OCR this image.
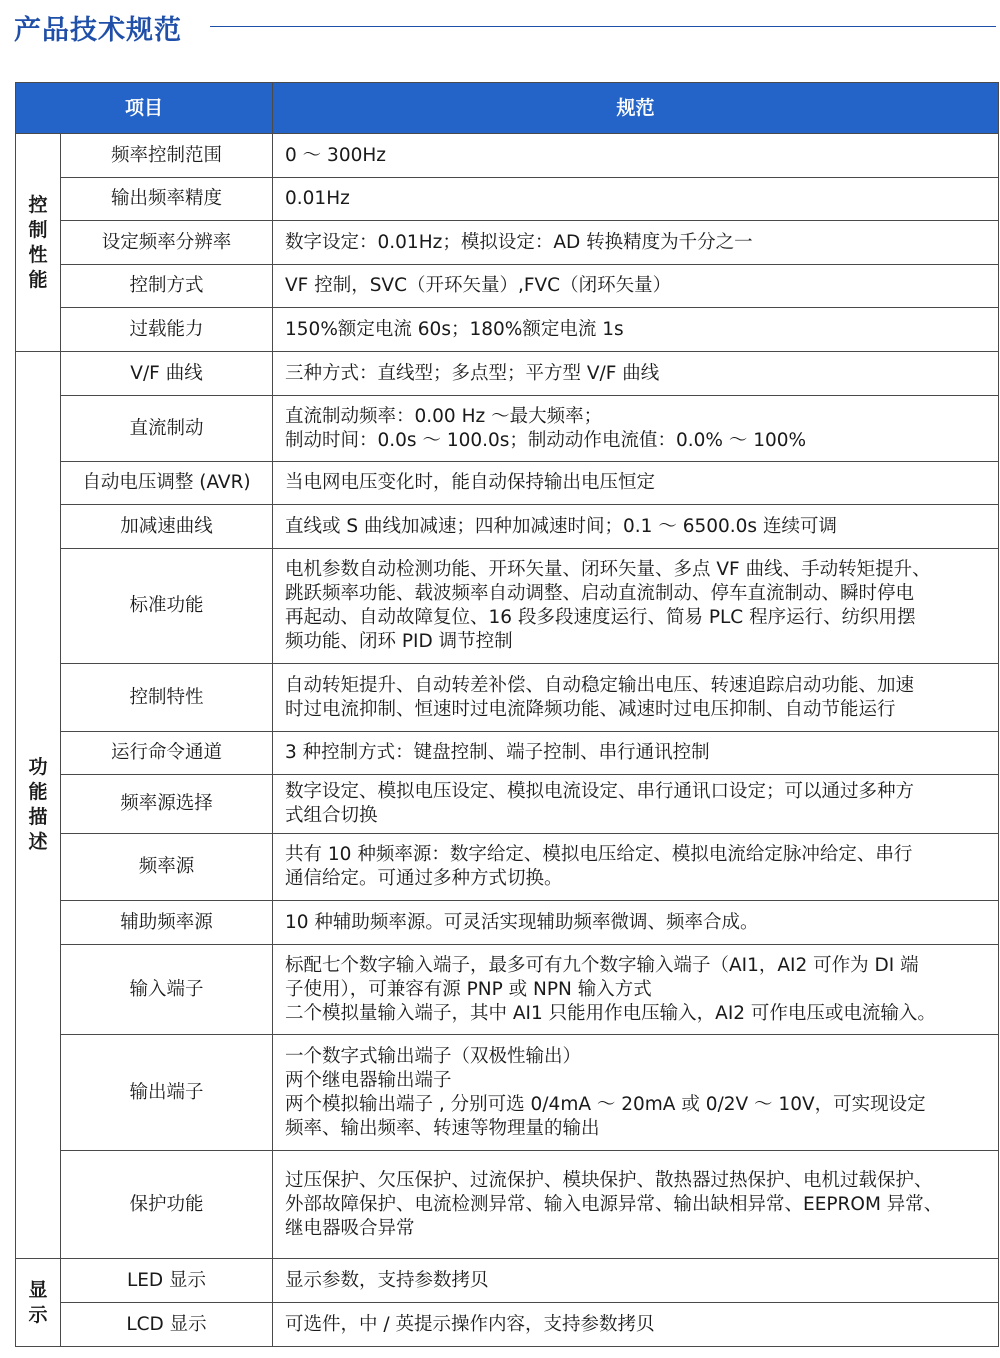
产品技术规范
项目		规范

控制性能	频率控制范围	0 ～ 300Hz
	输出频率精度	0.01Hz
	设定频率分辨率	数字设定：0.01Hz；模拟设定：AD 转换精度为千分之一
	控制方式	VF 控制，SVC（开环矢量）,FVC（闭环矢量）
	过载能力	150%额定电流 60s；180%额定电流 1s

功能描述	V/F 曲线	三种方式：直线型；多点型；平方型 V/F 曲线
	直流制动	直流制动频率：0.00 Hz ～最大频率；
制动时间：0.0s ～ 100.0s；制动动作电流值：0.0% ～ 100%
	自动电压调整 (AVR)	当电网电压变化时，能自动保持输出电压恒定
	加减速曲线	直线或 S 曲线加减速；四种加减速时间；0.1 ～ 6500.0s 连续可调
	标准功能	电机参数自动检测功能、开环矢量、闭环矢量、多点 VF 曲线、手动转矩提升、
跳跃频率功能、载波频率自动调整、启动直流制动、停车直流制动、瞬时停电
再起动、自动故障复位、16 段多段速度运行、简易 PLC 程序运行、纺织用摆
频功能、闭环 PID 调节控制
	控制特性	自动转矩提升、自动转差补偿、自动稳定输出电压、转速追踪启动功能、加速
时过电流抑制、恒速时过电流降频功能、减速时过电压抑制、自动节能运行
	运行命令通道	3 种控制方式：键盘控制、端子控制、串行通讯控制
	频率源选择	数字设定、模拟电压设定、模拟电流设定、串行通讯口设定；可以通过多种方
式组合切换
	频率源	共有 10 种频率源：数字给定、模拟电压给定、模拟电流给定脉冲给定、串行
通信给定。可通过多种方式切换。
	辅助频率源	10 种辅助频率源。可灵活实现辅助频率微调、频率合成。
	输入端子	标配七个数字输入端子，最多可有九个数字输入端子（AI1，AI2 可作为 DI 端
子使用），可兼容有源 PNP 或 NPN 输入方式
二个模拟量输入端子，其中 AI1 只能用作电压输入，AI2 可作电压或电流输入。
	输出端子	一个数字式输出端子（双极性输出）
两个继电器输出端子
两个模拟输出端子 , 分别可选 0/4mA ～ 20mA 或 0/2V ～ 10V，可实现设定
频率、输出频率、转速等物理量的输出
	保护功能	过压保护、欠压保护、过流保护、模块保护、散热器过热保护、电机过载保护、
外部故障保护、电流检测异常、输入电源异常、输出缺相异常、EEPROM 异常、
继电器吸合异常

显示	LED 显示	显示参数，支持参数拷贝
	LCD 显示	可选件，中 / 英提示操作内容，支持参数拷贝
